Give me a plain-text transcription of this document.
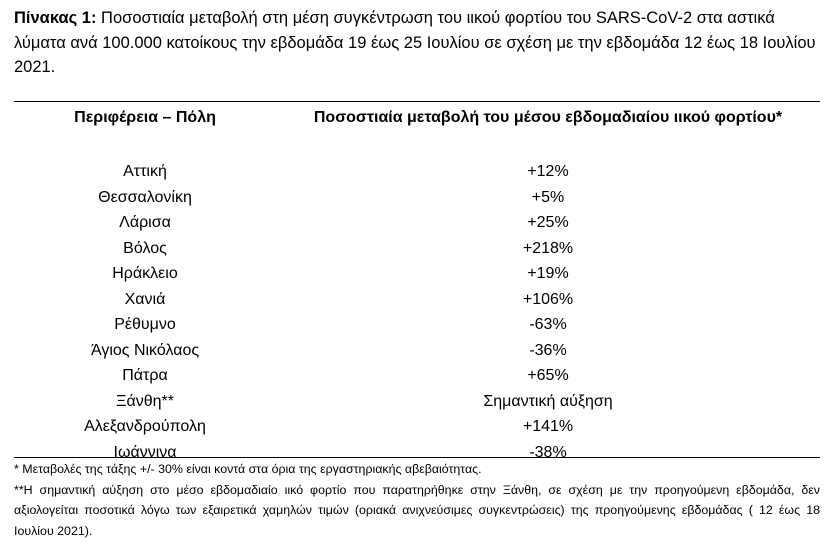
Πίνακας 1: Ποσοστιαία μεταβολή στη μέση συγκέντρωση του ιικού φορτίου του SARS-CoV-2 στα αστικά λύματα ανά 100.000 κατοίκους την εβδομάδα 19 έως 25 Ιουλίου σε σχέση με την εβδομάδα 12 έως 18 Ιουλίου 2021.
Περιφέρεια – Πόλη	Ποσοστιαία μεταβολή του μέσου εβδομαδιαίου ιικού φορτίου*
Αττική	+12%
Θεσσαλονίκη	+5%
Λάρισα	+25%
Βόλος	+218%
Ηράκλειο	+19%
Χανιά	+106%
Ρέθυμνο	-63%
Άγιος Νικόλαος	-36%
Πάτρα	+65%
Ξάνθη**	Σημαντική αύξηση
Αλεξανδρούπολη	+141%
Ιωάννινα	-38%

* Μεταβολές της τάξης +/- 30% είναι κοντά στα όρια της εργαστηριακής αβεβαιότητας.

**Η σημαντική αύξηση στο μέσο εβδομαδιαίο ιικό φορτίο που παρατηρήθηκε στην Ξάνθη, σε σχέση με την προηγούμενη εβδομάδα, δεν αξιολογείται ποσοτικά λόγω των εξαιρετικά χαμηλών τιμών (οριακά ανιχνεύσιμες συγκεντρώσεις) της προηγούμενης εβδομάδας ( 12 έως 18 Ιουλίου 2021).
